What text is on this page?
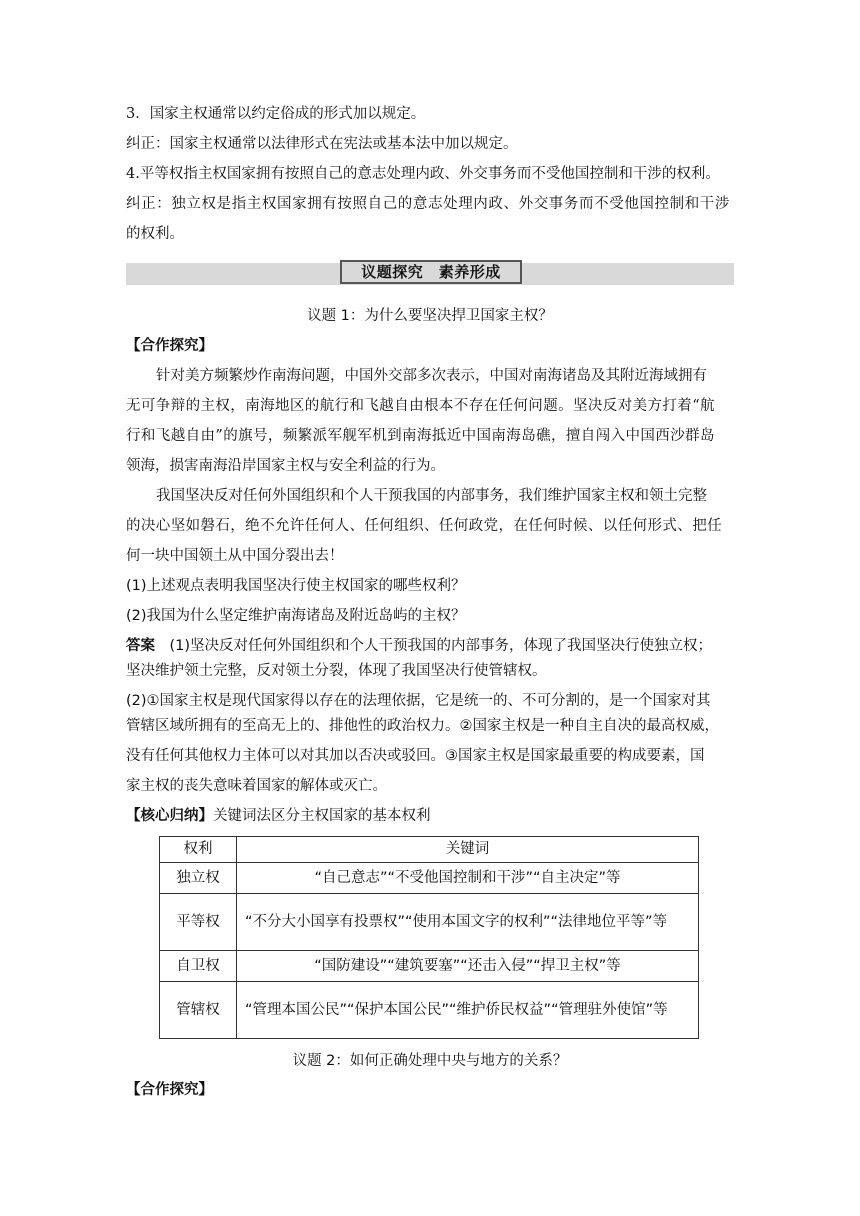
3．国家主权通常以约定俗成的形式加以规定。
纠正：国家主权通常以法律形式在宪法或基本法中加以规定。
4.平等权指主权国家拥有按照自己的意志处理内政、外交事务而不受他国控制和干涉的权利。
纠正：独立权是指主权国家拥有按照自己的意志处理内政、外交事务而不受他国控制和干涉
的权利。
议题探究　素养形成
议题 1：为什么要坚决捍卫国家主权？
【合作探究】
针对美方频繁炒作南海问题，中国外交部多次表示，中国对南海诸岛及其附近海域拥有
无可争辩的主权，南海地区的航行和飞越自由根本不存在任何问题。坚决反对美方打着“航
行和飞越自由”的旗号，频繁派军舰军机到南海抵近中国南海岛礁，擅自闯入中国西沙群岛
领海，损害南海沿岸国家主权与安全利益的行为。
我国坚决反对任何外国组织和个人干预我国的内部事务，我们维护国家主权和领土完整
的决心坚如磐石，绝不允许任何人、任何组织、任何政党，在任何时候、以任何形式、把任
何一块中国领土从中国分裂出去！
(1)上述观点表明我国坚决行使主权国家的哪些权利？
(2)我国为什么坚定维护南海诸岛及附近岛屿的主权？
答案　(1)坚决反对任何外国组织和个人干预我国的内部事务，体现了我国坚决行使独立权；
坚决维护领土完整，反对领土分裂，体现了我国坚决行使管辖权。
(2)①国家主权是现代国家得以存在的法理依据，它是统一的、不可分割的，是一个国家对其
管辖区域所拥有的至高无上的、排他性的政治权力。②国家主权是一种自主自决的最高权威，
没有任何其他权力主体可以对其加以否决或驳回。③国家主权是国家最重要的构成要素，国
家主权的丧失意味着国家的解体或灭亡。
【核心归纳】关键词法区分主权国家的基本权利
权利	关键词
独立权	“自己意志”“不受他国控制和干涉”“自主决定”等
平等权	“不分大小国享有投票权”“使用本国文字的权利”“法律地位平等”等
自卫权	“国防建设”“建筑要塞”“还击入侵”“捍卫主权”等
管辖权	“管理本国公民”“保护本国公民”“维护侨民权益”“管理驻外使馆”等
议题 2：如何正确处理中央与地方的关系？
【合作探究】
